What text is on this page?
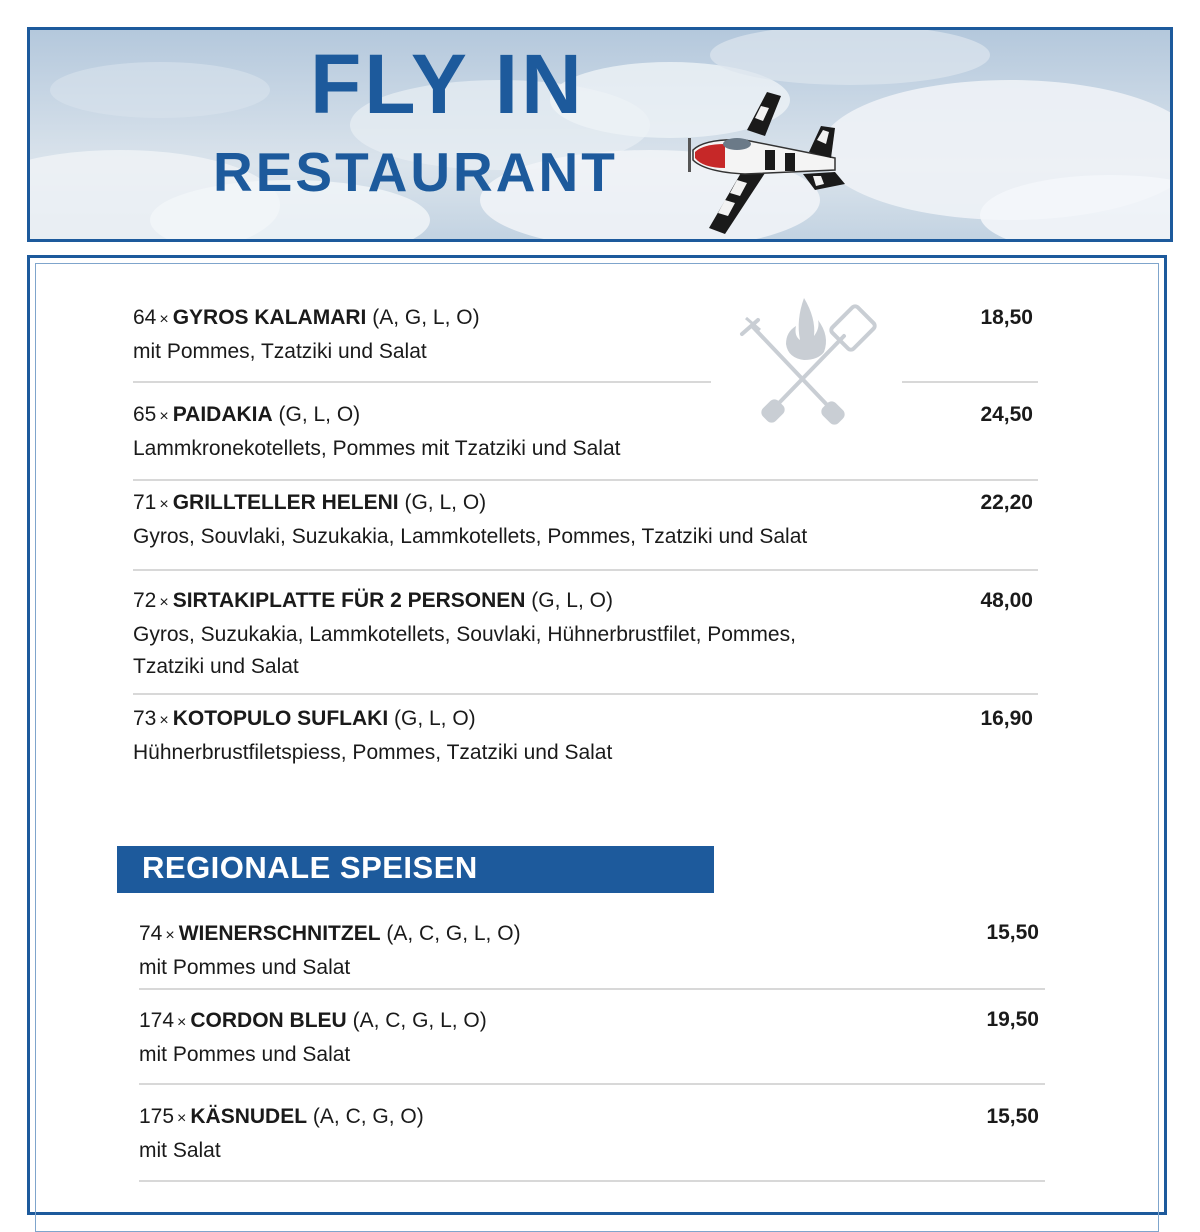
FLY IN
RESTAURANT
64 × GYROS KALAMARI (A, G, L, O)
mit Pommes, Tzatziki und Salat
18,50
65 × PAIDAKIA (G, L, O)
Lammkronekotellets, Pommes mit Tzatziki und Salat
24,50
71 × GRILLTELLER HELENI (G, L, O)
Gyros, Souvlaki, Suzukakia, Lammkotellets, Pommes, Tzatziki und Salat
22,20
72 × SIRTAKIPLATTE FÜR 2 PERSONEN (G, L, O)
Gyros, Suzukakia, Lammkotellets, Souvlaki, Hühnerbrustfilet, Pommes,
Tzatziki und Salat
48,00
73 × KOTOPULO SUFLAKI (G, L, O)
Hühnerbrustfiletspiess, Pommes, Tzatziki und Salat
16,90
REGIONALE SPEISEN
74 × WIENERSCHNITZEL (A, C, G, L, O)
mit Pommes und Salat
15,50
174 × CORDON BLEU (A, C, G, L, O)
mit Pommes und Salat
19,50
175 × KÄSNUDEL (A, C, G, O)
mit Salat
15,50
